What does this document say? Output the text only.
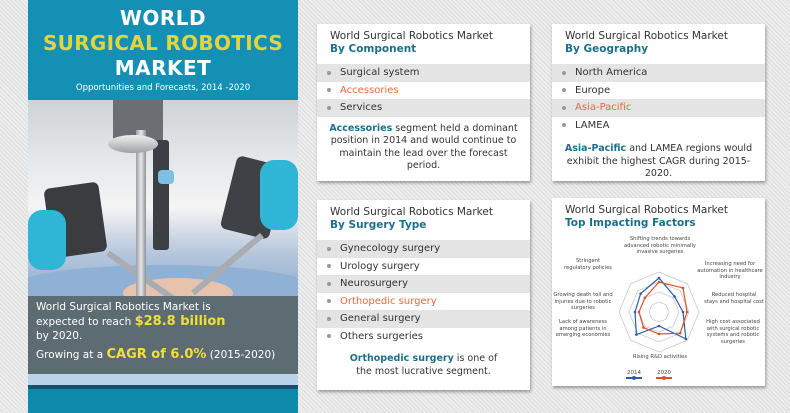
WORLD
SURGICAL ROBOTICS
MARKET
Opportunities and Forecasts, 2014 -2020
World Surgical Robotics Market is
expected to reach $28.8 billion
by 2020.
Growing at a CAGR of 6.0% (2015-2020)
World Surgical Robotics Market
By Component
Surgical system
Accessories
Services
Accessories segment held a dominant position in 2014 and would continue to maintain the lead over the forecast period.
World Surgical Robotics Market
By Geography
North America
Europe
Asia-Pacific
LAMEA
Asia-Pacific and LAMEA regions would exhibit the highest CAGR during 2015-2020.
World Surgical Robotics Market
By Surgery Type
Gynecology surgery
Urology surgery
Neurosurgery
Orthopedic surgery
General surgery
Others surgeries
Orthopedic surgery is one of the most lucrative segment.
World Surgical Robotics Market
Top Impacting Factors
Shifting trends towards advanced robotic minimally invasive surgeries
Increasing need for automation in healthcare industry
Reduced hospital stays and hospital cost
High cost associated with surgical robotic systems and robotic surgeries
Rising R&D activities
Lack of awareness among patients in emerging economies
Growing death toll and injuries due to robotic surgeries
Stringent regulatory policies
2014	2020
